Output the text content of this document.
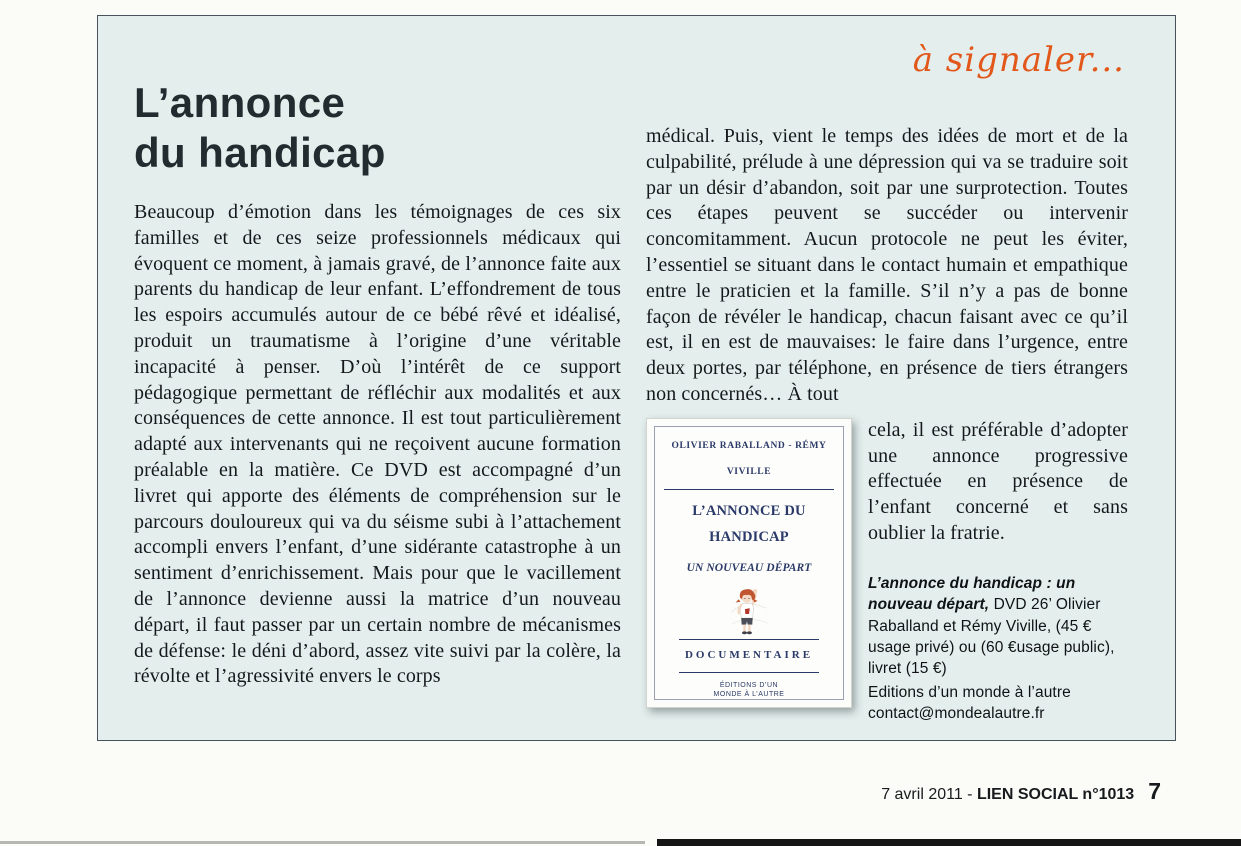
à signaler...
L’annonce
du handicap

Beaucoup d’émotion dans les témoignages de ces six familles et de ces seize professionnels médicaux qui évoquent ce moment, à jamais gravé, de l’annonce faite aux parents du handicap de leur enfant. L’effondrement de tous les espoirs accumulés autour de ce bébé rêvé et idéalisé, produit un traumatisme à l’origine d’une véritable incapacité à penser. D’où l’intérêt de ce support pédagogique permettant de réfléchir aux modalités et aux conséquences de cette annonce. Il est tout particulièrement adapté aux intervenants qui ne reçoivent aucune formation préalable en la matière. Ce DVD est accompagné d’un livret qui apporte des éléments de compréhension sur le parcours douloureux qui va du séisme subi à l’attachement accompli envers l’enfant, d’une sidérante catastrophe à un sentiment d’enrichissement. Mais pour que le vacillement de l’annonce devienne aussi la matrice d’un nouveau départ, il faut passer par un certain nombre de mécanismes de défense: le déni d’abord, assez vite suivi par la colère, la révolte et l’agressivité envers le corps

médical. Puis, vient le temps des idées de mort et de la culpabilité, prélude à une dépression qui va se traduire soit par un désir d’abandon, soit par une surprotection. Toutes ces étapes peuvent se succéder ou intervenir concomitamment. Aucun protocole ne peut les éviter, l’essentiel se situant dans le contact humain et empathique entre le praticien et la famille. S’il n’y a pas de bonne façon de révéler le handicap, chacun faisant avec ce qu’il est, il en est de mauvaises: le faire dans l’urgence, entre deux portes, par téléphone, en présence de tiers étrangers non concernés… À tout

OLIVIER RABALLAND - RÉMY VIVILLE
L’ANNONCE DU HANDICAP
UN NOUVEAU DÉPART
DOCUMENTAIRE
ÉDITIONS D’UN MONDE À L’AUTRE

cela, il est préférable d’adopter une annonce progressive effectuée en présence de l’enfant concerné et sans oublier la fratrie.

L’annonce du handicap : un nouveau départ, DVD 26’ Olivier Raballand et Rémy Viville, (45 € usage privé) ou (60 €usage public), livret (15 €)
Editions d’un monde à l’autre
contact@mondealautre.fr
7 avril 2011 - LIEN SOCIAL n°1013 7
